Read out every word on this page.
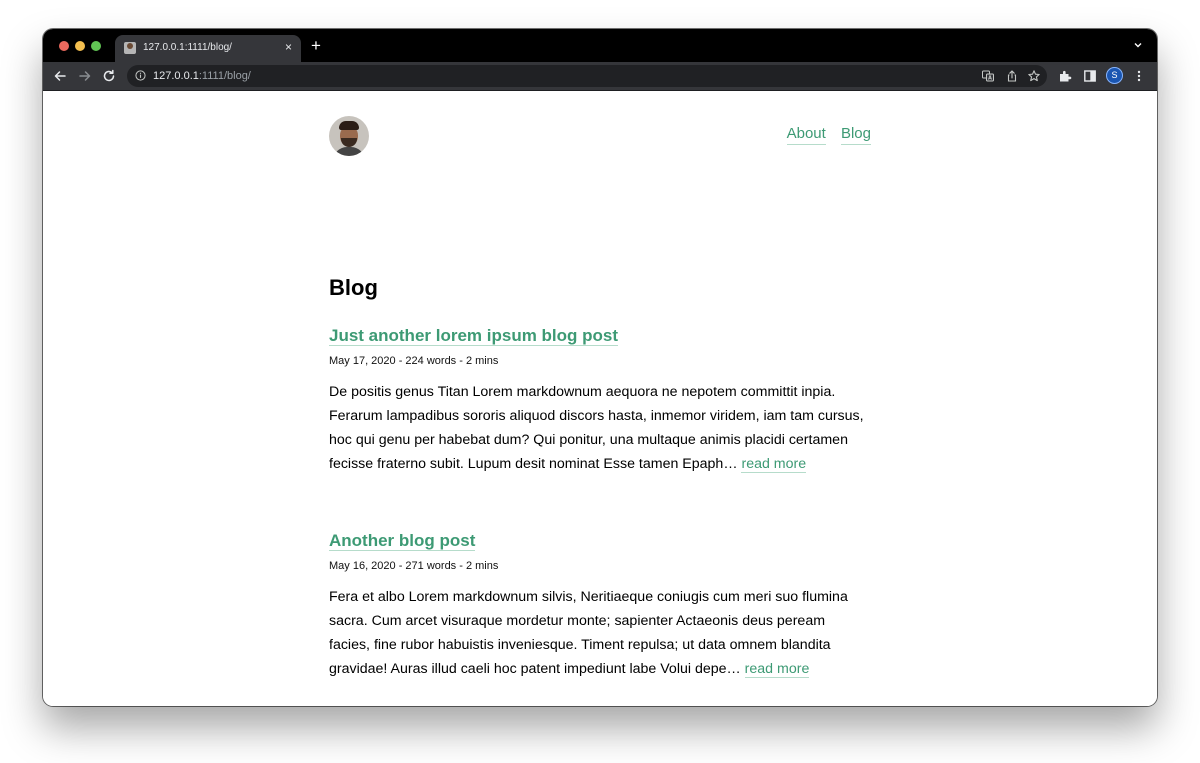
127.0.0.1:1111/blog/	× +
127.0.0.1:1111/blog/	S
About Blog
Blog
Just another lorem ipsum blog post
May 17, 2020 - 224 words - 2 mins
De positis genus Titan Lorem markdownum aequora ne nepotem committit inpia. Ferarum lampadibus sororis aliquod discors hasta, inmemor viridem, iam tam cursus, hoc qui genu per habebat dum? Qui ponitur, una multaque animis placidi certamen fecisse fraterno subit. Lupum desit nominat Esse tamen Epaph… read more
Another blog post
May 16, 2020 - 271 words - 2 mins
Fera et albo Lorem markdownum silvis, Neritiaeque coniugis cum meri suo flumina sacra. Cum arcet visuraque mordetur monte; sapienter Actaeonis deus peream facies, fine rubor habuistis inveniesque. Timent repulsa; ut data omnem blandita gravidae! Auras illud caeli hoc patent impediunt labe Volui depe… read more
